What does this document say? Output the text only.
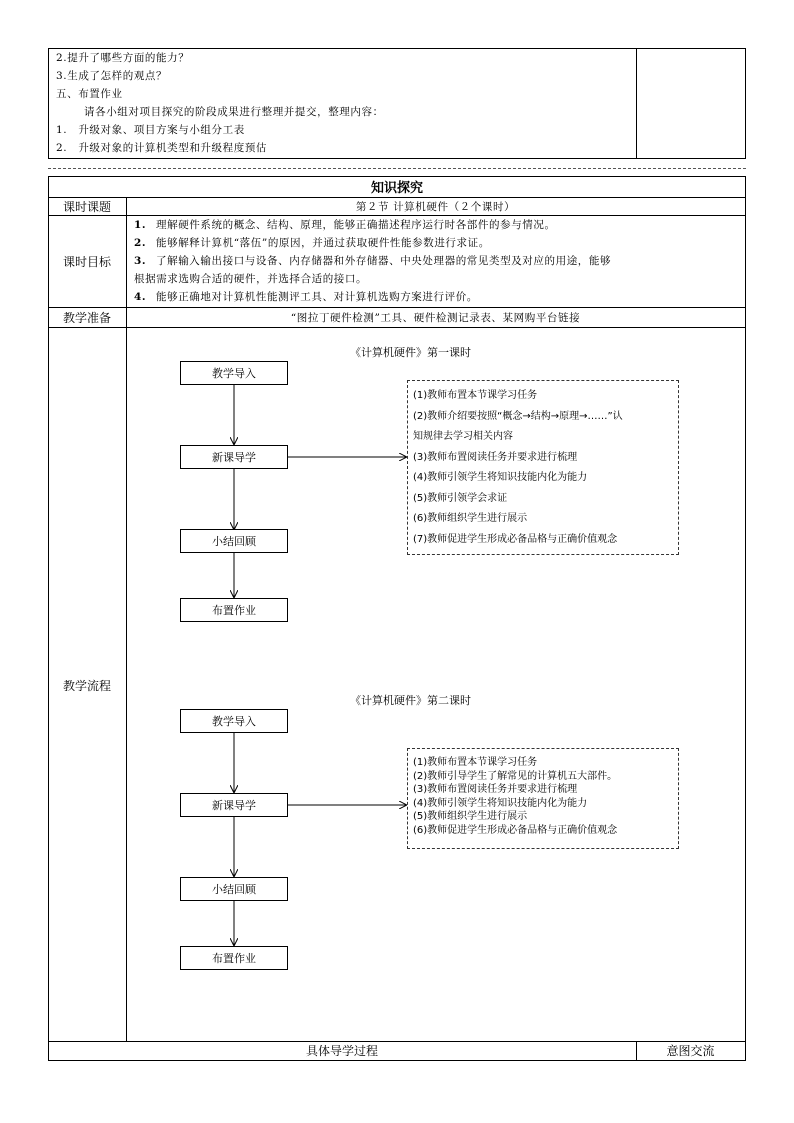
2.提升了哪些方面的能力？
3.生成了怎样的观点？
五、布置作业
请各小组对项目探究的阶段成果进行整理并提交，整理内容：
1.　升级对象、项目方案与小组分工表
2.　升级对象的计算机类型和升级程度预估
知识探究
课时课题	第２节 计算机硬件（２个课时）
课时目标
1. 理解硬件系统的概念、结构、原理，能够正确描述程序运行时各部件的参与情况。
2. 能够解释计算机“落伍”的原因，并通过获取硬件性能参数进行求证。
3. 了解输入输出接口与设备、内存储器和外存储器、中央处理器的常见类型及对应的用途，能够
根据需求选购合适的硬件，并选择合适的接口。
4. 能够正确地对计算机性能测评工具、对计算机选购方案进行评价。
教学准备	“图拉丁硬件检测”工具、硬件检测记录表、某网购平台链接
教学流程
《计算机硬件》第一课时
教学导入
新课导学
小结回顾
布置作业
(1)教师布置本节课学习任务
(2)教师介绍要按照“概念→结构→原理→……”认
知规律去学习相关内容
(3)教师布置阅读任务并要求进行梳理
(4)教师引领学生将知识技能内化为能力
(5)教师引领学会求证
(6)教师组织学生进行展示
(7)教师促进学生形成必备品格与正确价值观念
《计算机硬件》第二课时
教学导入
新课导学
小结回顾
布置作业
(1)教师布置本节课学习任务
(2)教师引导学生了解常见的计算机五大部件。
(3)教师布置阅读任务并要求进行梳理
(4)教师引领学生将知识技能内化为能力
(5)教师组织学生进行展示
(6)教师促进学生形成必备品格与正确价值观念
具体导学过程	意图交流
